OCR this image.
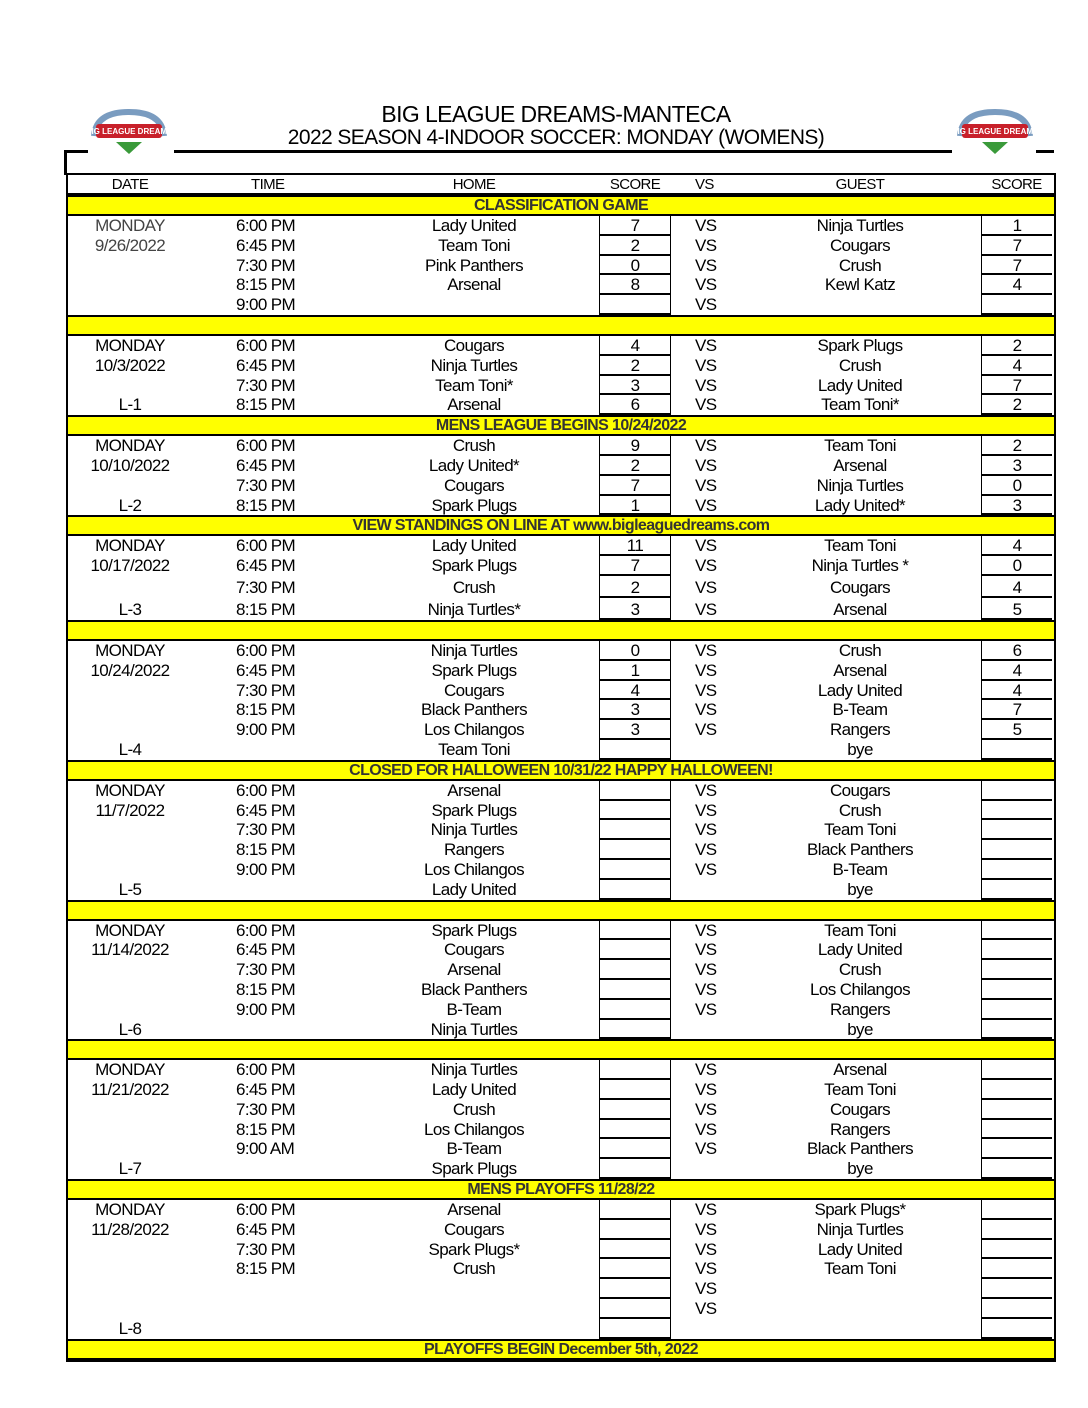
BIG LEAGUE DREAMS-MANTECA
2022 SEASON 4-INDOOR SOCCER: MONDAY (WOMENS)
BIG LEAGUE DREAMS	BIG LEAGUE DREAMS
DATE	TIME	HOME	SCORE	VS	GUEST	SCORE
CLASSIFICATION GAME
MONDAY	6:00 PM	Lady United	7	VS	Ninja Turtles	1
9/26/2022	6:45 PM	Team Toni	2	VS	Cougars	7
7:30 PM	Pink Panthers	0	VS	Crush	7
8:15 PM	Arsenal	8	VS	Kewl Katz	4
9:00 PM	VS
MONDAY	6:00 PM	Cougars	4	VS	Spark Plugs	2
10/3/2022	6:45 PM	Ninja Turtles	2	VS	Crush	4
7:30 PM	Team Toni*	3	VS	Lady United	7
L-1	8:15 PM	Arsenal	6	VS	Team Toni*	2
MENS LEAGUE BEGINS 10/24/2022
MONDAY	6:00 PM	Crush	9	VS	Team Toni	2
10/10/2022	6:45 PM	Lady United*	2	VS	Arsenal	3
7:30 PM	Cougars	7	VS	Ninja Turtles	0
L-2	8:15 PM	Spark Plugs	1	VS	Lady United*	3
VIEW STANDINGS ON LINE AT www.bigleaguedreams.com
MONDAY	6:00 PM	Lady United	11	VS	Team Toni	4
10/17/2022	6:45 PM	Spark Plugs	7	VS	Ninja Turtles *	0
7:30 PM	Crush	2	VS	Cougars	4
L-3	8:15 PM	Ninja Turtles*	3	VS	Arsenal	5
MONDAY	6:00 PM	Ninja Turtles	0	VS	Crush	6
10/24/2022	6:45 PM	Spark Plugs	1	VS	Arsenal	4
7:30 PM	Cougars	4	VS	Lady United	4
8:15 PM	Black Panthers	3	VS	B-Team	7
9:00 PM	Los Chilangos	3	VS	Rangers	5
L-4	Team Toni	bye
CLOSED FOR HALLOWEEN 10/31/22 HAPPY HALLOWEEN!
MONDAY	6:00 PM	Arsenal	VS	Cougars
11/7/2022	6:45 PM	Spark Plugs	VS	Crush
7:30 PM	Ninja Turtles	VS	Team Toni
8:15 PM	Rangers	VS	Black Panthers
9:00 PM	Los Chilangos	VS	B-Team
L-5	Lady United	bye
MONDAY	6:00 PM	Spark Plugs	VS	Team Toni
11/14/2022	6:45 PM	Cougars	VS	Lady United
7:30 PM	Arsenal	VS	Crush
8:15 PM	Black Panthers	VS	Los Chilangos
9:00 PM	B-Team	VS	Rangers
L-6	Ninja Turtles	bye
MONDAY	6:00 PM	Ninja Turtles	VS	Arsenal
11/21/2022	6:45 PM	Lady United	VS	Team Toni
7:30 PM	Crush	VS	Cougars
8:15 PM	Los Chilangos	VS	Rangers
9:00 AM	B-Team	VS	Black Panthers
L-7	Spark Plugs	bye
MENS PLAYOFFS 11/28/22
MONDAY	6:00 PM	Arsenal	VS	Spark Plugs*
11/28/2022	6:45 PM	Cougars	VS	Ninja Turtles
7:30 PM	Spark Plugs*	VS	Lady United
8:15 PM	Crush	VS	Team Toni
VS
VS
L-8
PLAYOFFS BEGIN December 5th, 2022
